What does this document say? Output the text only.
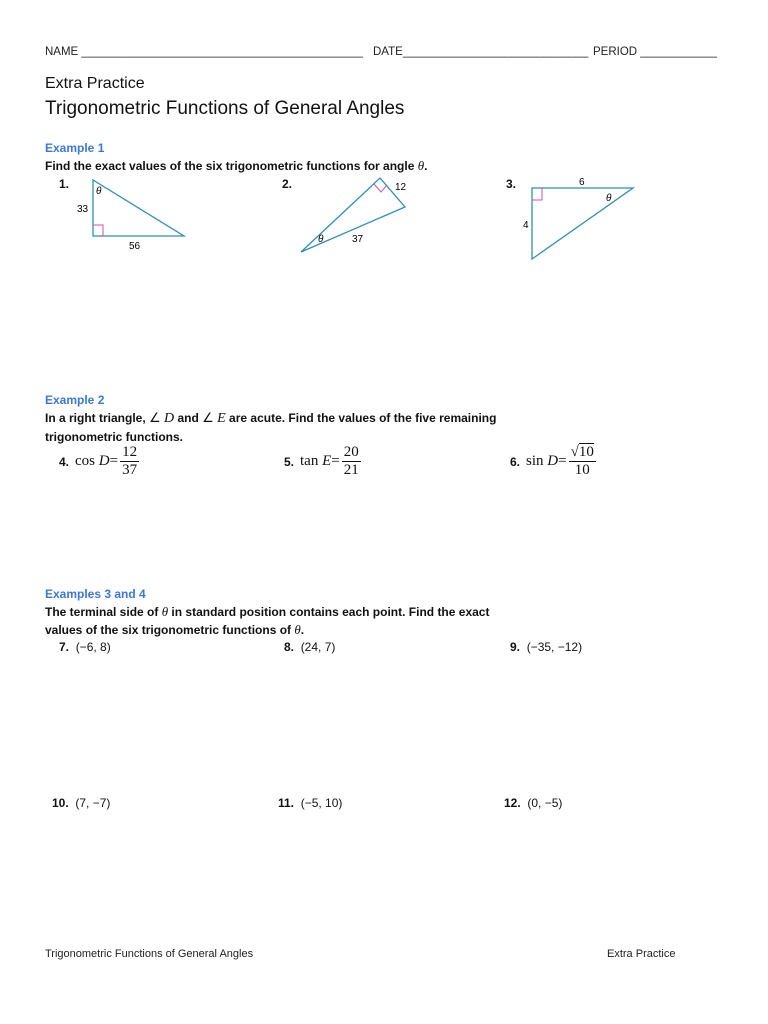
NAME ____________________________________________ DATE_____________________________ PERIOD ____________
Extra Practice
Trigonometric Functions of General Angles
Example 1
Find the exact values of the six trigonometric functions for angle θ.
1.	2.	3.
θ
33
56
12
θ	37
6
4
θ
Example 2
In a right triangle, ∠ D and ∠ E are acute. Find the values of the five remaining
trigonometric functions.
4. cos
$D = \frac{12}{37}$	5. tan
$E = \frac{20}{21}$	6. sin
$D = \frac{√10}{10}$
Examples 3 and 4
The terminal side of θ in standard position contains each point. Find the exact
values of the six trigonometric functions of θ.
7. (−6, 8)	8. (24, 7)	9. (−35, −12)
10. (7, −7)	11. (−5, 10)	12. (0, −5)
Trigonometric Functions of General Angles	Extra Practice
